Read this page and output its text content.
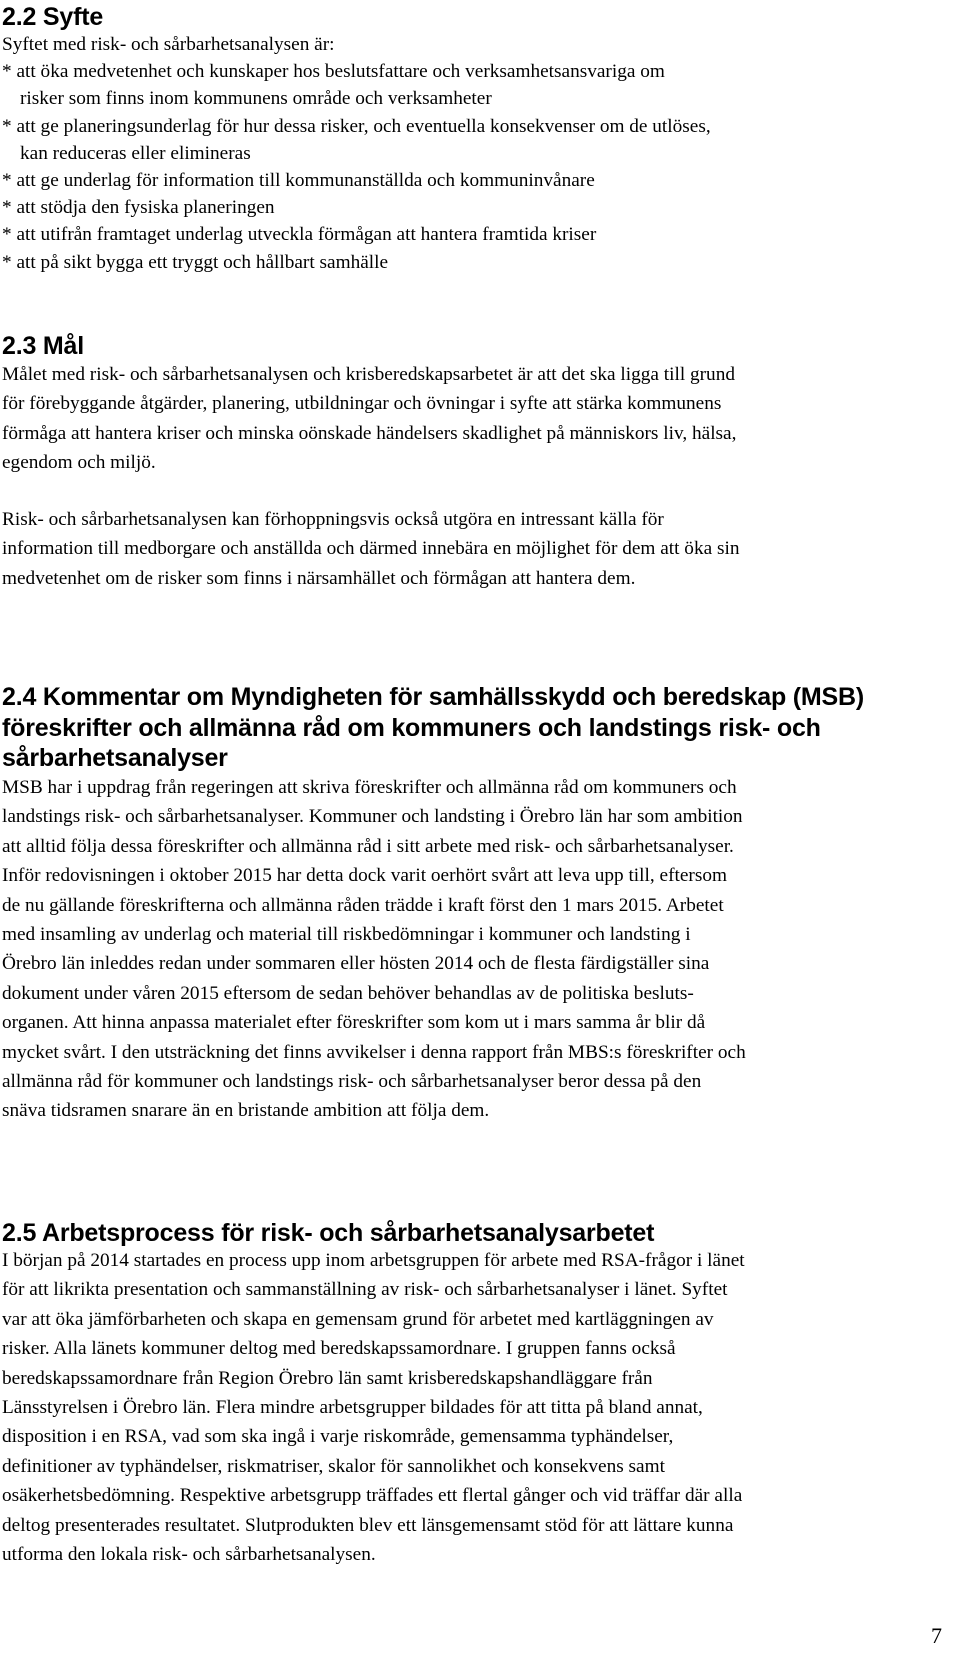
2.2 Syfte
Syftet med risk- och sårbarhetsanalysen är:
* att öka medvetenhet och kunskaper hos beslutsfattare och verksamhetsansvariga om
risker som finns inom kommunens område och verksamheter
* att ge planeringsunderlag för hur dessa risker, och eventuella konsekvenser om de utlöses,
kan reduceras eller elimineras
* att ge underlag för information till kommunanställda och kommuninvånare
* att stödja den fysiska planeringen
* att utifrån framtaget underlag utveckla förmågan att hantera framtida kriser
* att på sikt bygga ett tryggt och hållbart samhälle
2.3 Mål
Målet med risk- och sårbarhetsanalysen och krisberedskapsarbetet är att det ska ligga till grund
för förebyggande åtgärder, planering, utbildningar och övningar i syfte att stärka kommunens
förmåga att hantera kriser och minska oönskade händelsers skadlighet på människors liv, hälsa,
egendom och miljö.
Risk- och sårbarhetsanalysen kan förhoppningsvis också utgöra en intressant källa för
information till medborgare och anställda och därmed innebära en möjlighet för dem att öka sin
medvetenhet om de risker som finns i närsamhället och förmågan att hantera dem.
2.4 Kommentar om Myndigheten för samhällsskydd och beredskap (MSB)
föreskrifter och allmänna råd om kommuners och landstings risk- och
sårbarhetsanalyser
MSB har i uppdrag från regeringen att skriva föreskrifter och allmänna råd om kommuners och
landstings risk- och sårbarhetsanalyser. Kommuner och landsting i Örebro län har som ambition
att alltid följa dessa föreskrifter och allmänna råd i sitt arbete med risk- och sårbarhetsanalyser.
Inför redovisningen i oktober 2015 har detta dock varit oerhört svårt att leva upp till, eftersom
de nu gällande föreskrifterna och allmänna råden trädde i kraft först den 1 mars 2015. Arbetet
med insamling av underlag och material till riskbedömningar i kommuner och landsting i
Örebro län inleddes redan under sommaren eller hösten 2014 och de flesta färdigställer sina
dokument under våren 2015 eftersom de sedan behöver behandlas av de politiska besluts-
organen. Att hinna anpassa materialet efter föreskrifter som kom ut i mars samma år blir då
mycket svårt. I den utsträckning det finns avvikelser i denna rapport från MBS:s föreskrifter och
allmänna råd för kommuner och landstings risk- och sårbarhetsanalyser beror dessa på den
snäva tidsramen snarare än en bristande ambition att följa dem.
2.5 Arbetsprocess för risk- och sårbarhetsanalysarbetet
I början på 2014 startades en process upp inom arbetsgruppen för arbete med RSA-frågor i länet
för att likrikta presentation och sammanställning av risk- och sårbarhetsanalyser i länet. Syftet
var att öka jämförbarheten och skapa en gemensam grund för arbetet med kartläggningen av
risker. Alla länets kommuner deltog med beredskapssamordnare. I gruppen fanns också
beredskapssamordnare från Region Örebro län samt krisberedskapshandläggare från
Länsstyrelsen i Örebro län. Flera mindre arbetsgrupper bildades för att titta på bland annat,
disposition i en RSA, vad som ska ingå i varje riskområde, gemensamma typhändelser,
definitioner av typhändelser, riskmatriser, skalor för sannolikhet och konsekvens samt
osäkerhetsbedömning. Respektive arbetsgrupp träffades ett flertal gånger och vid träffar där alla
deltog presenterades resultatet. Slutprodukten blev ett länsgemensamt stöd för att lättare kunna
utforma den lokala risk- och sårbarhetsanalysen.
7
